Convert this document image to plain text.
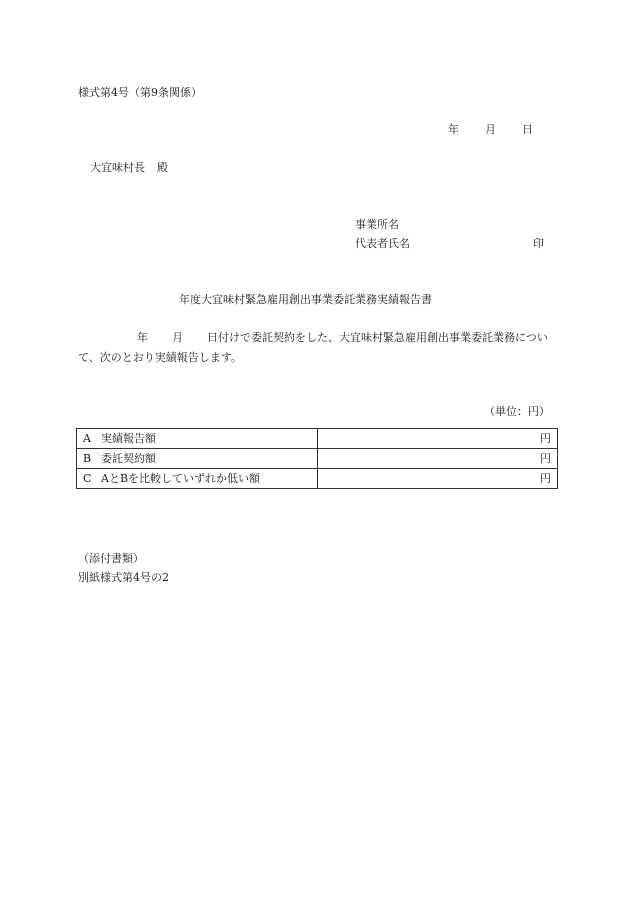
様式第4号（第9条関係）
年 月 日
大宜味村長 殿
事業所名
代表者氏名	印
年度大宜味村緊急雇用創出事業委託業務実績報告書
年 月 日付けで委託契約をした、大宜味村緊急雇用創出事業委託業務について、次のとおり実績報告します。
（単位：円）
A 実績報告額	円
B 委託契約額	円
C AとBを比較していずれか低い額	円
（添付書類）
別紙様式第4号の2
